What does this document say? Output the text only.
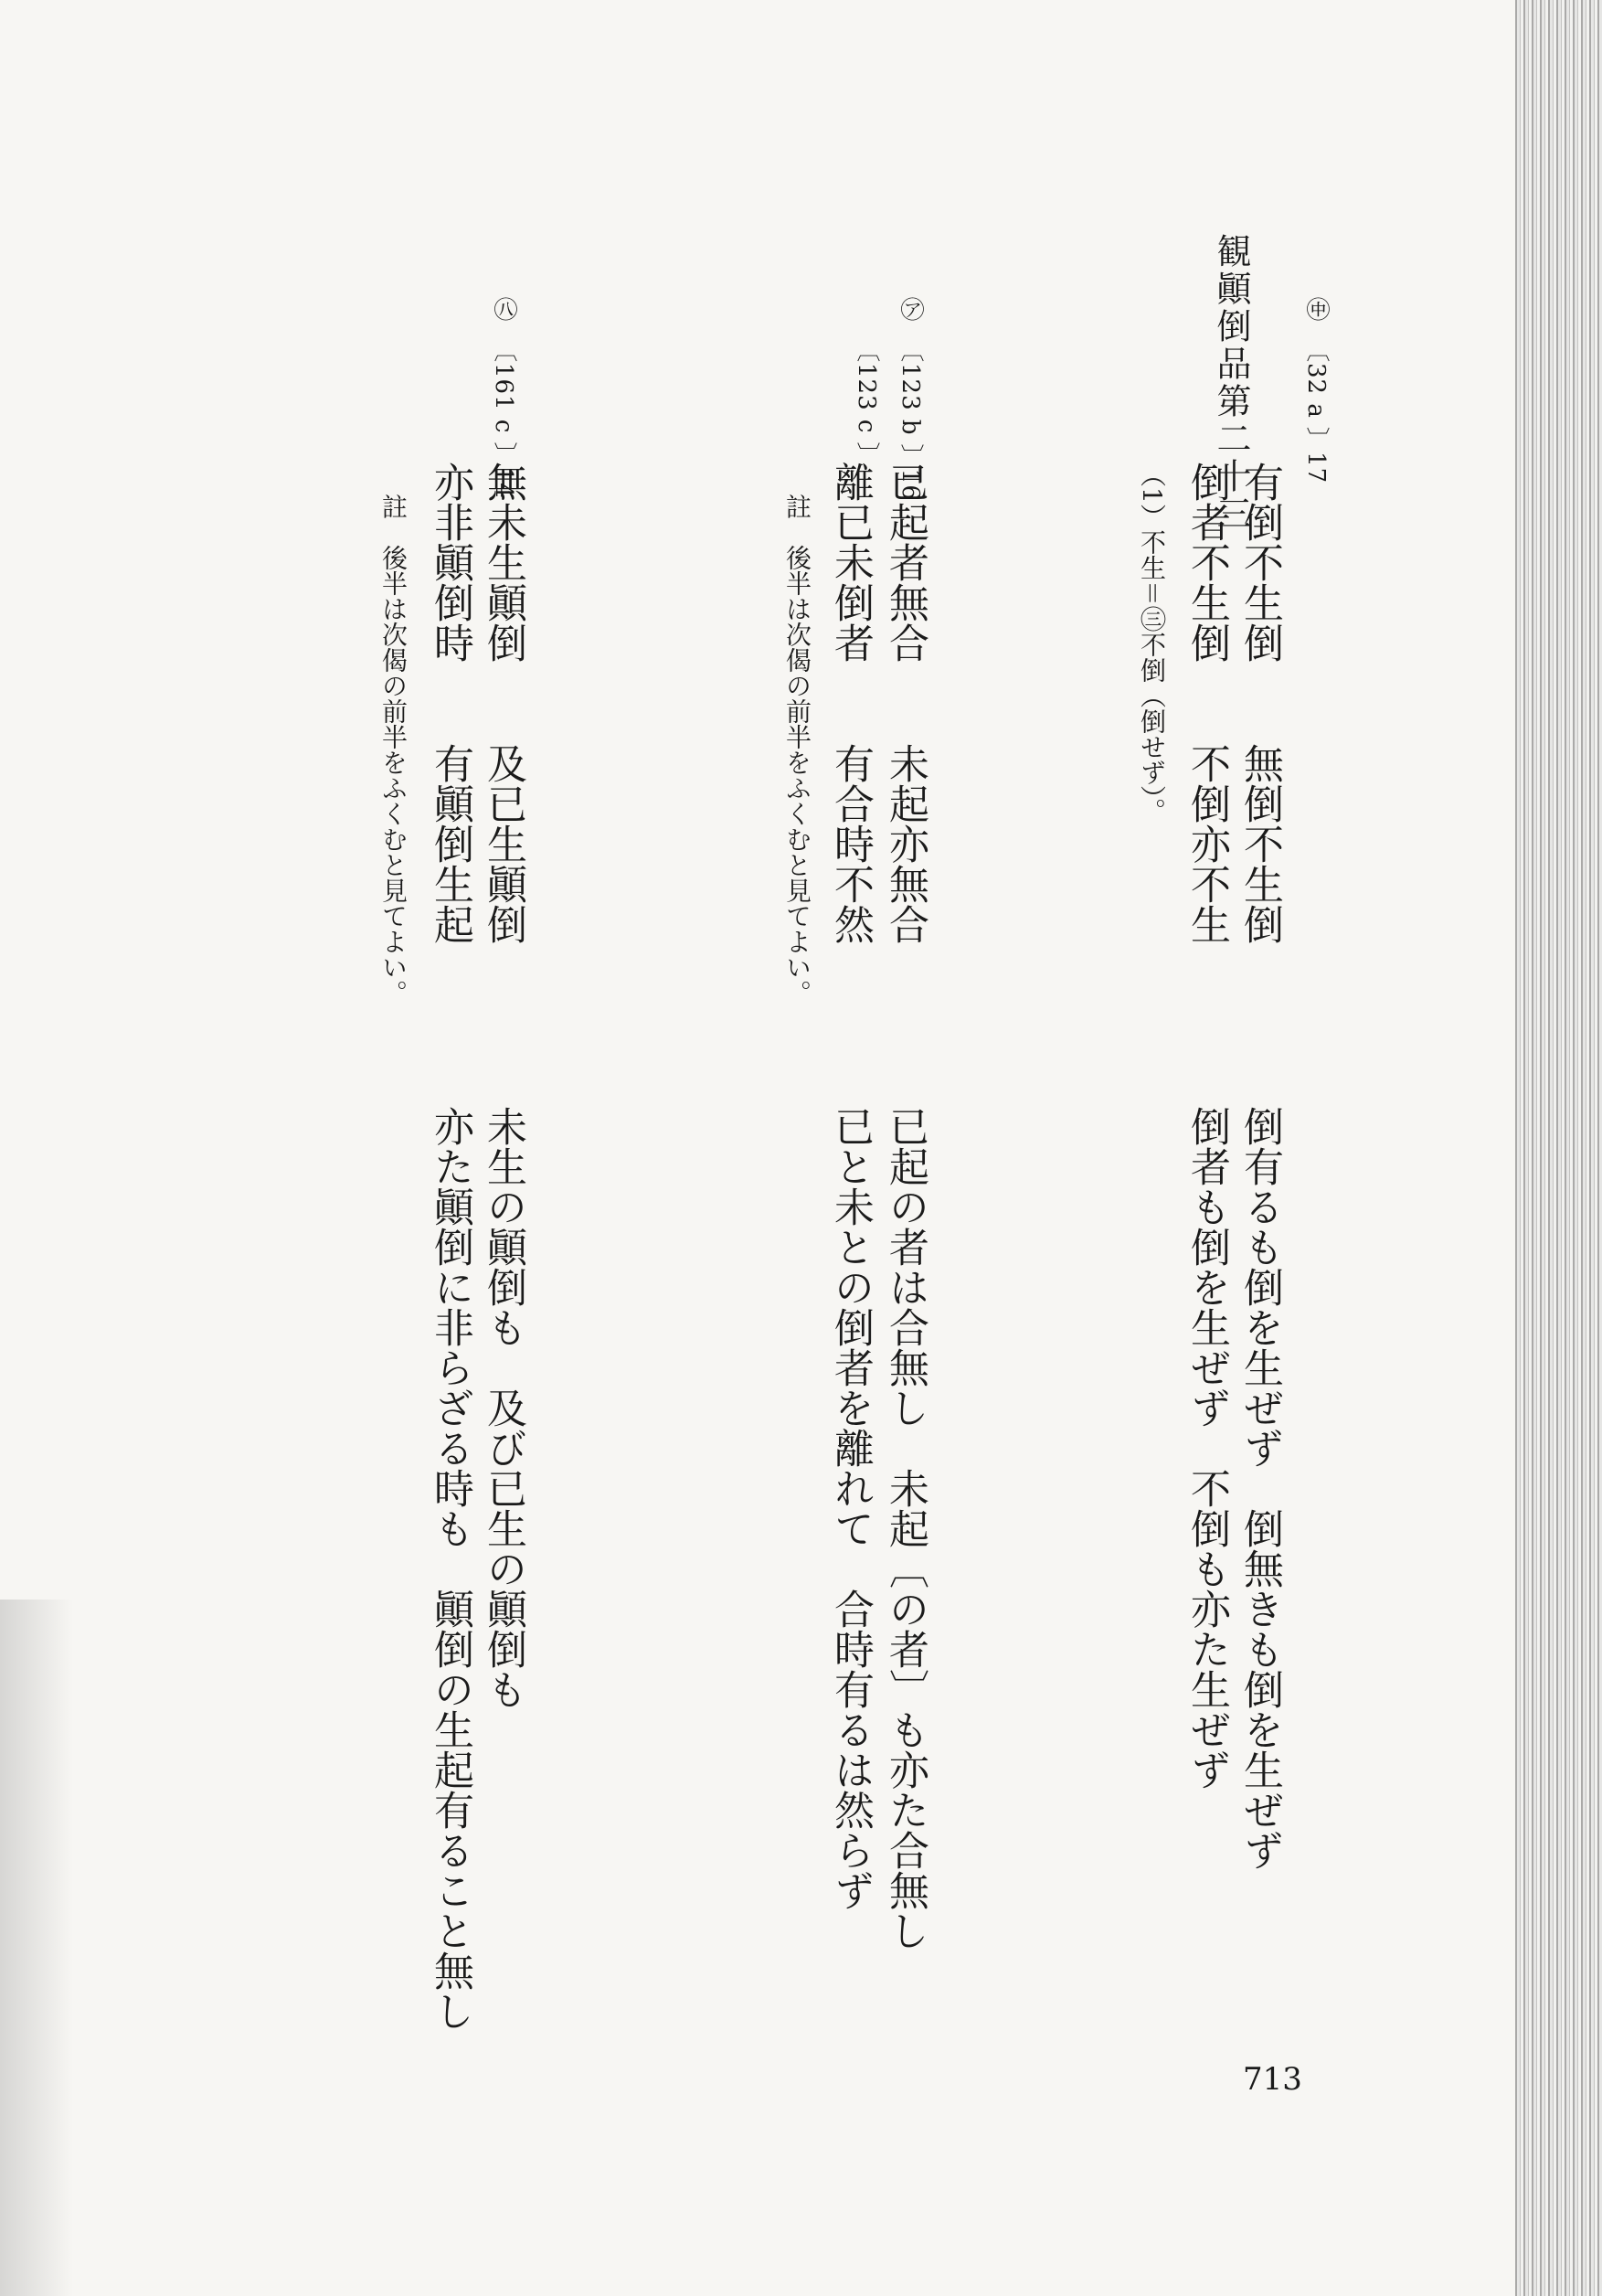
観顚倒品第二十三 ㊥
〔32 a 〕17
有倒不生倒　　無倒不生倒
倒者不生倒　　不倒亦不生
（1）不生＝㊂不倒（倒せず）。
倒有るも倒を生ぜず　倒無きも倒を生ぜず
倒者も倒を生ぜず　不倒も亦た生ぜず
㋐
〔123 b 〕16
〔123 c 〕
已起者無合　　未起亦無合
離已未倒者　　有合時不然
註　後半は次偈の前半をふくむと見てよい。
已起の者は合無し　未起〔の者〕も亦た合無し
已と未との倒者を離れて　合時有るは然らず
㊇
〔161 c 〕14
無未生顚倒　　及已生顚倒
亦非顚倒時　　有顚倒生起
註　後半は次偈の前半をふくむと見てよい。
未生の顚倒も　及び已生の顚倒も
亦た顚倒に非らざる時も　顚倒の生起有ること無し
713
